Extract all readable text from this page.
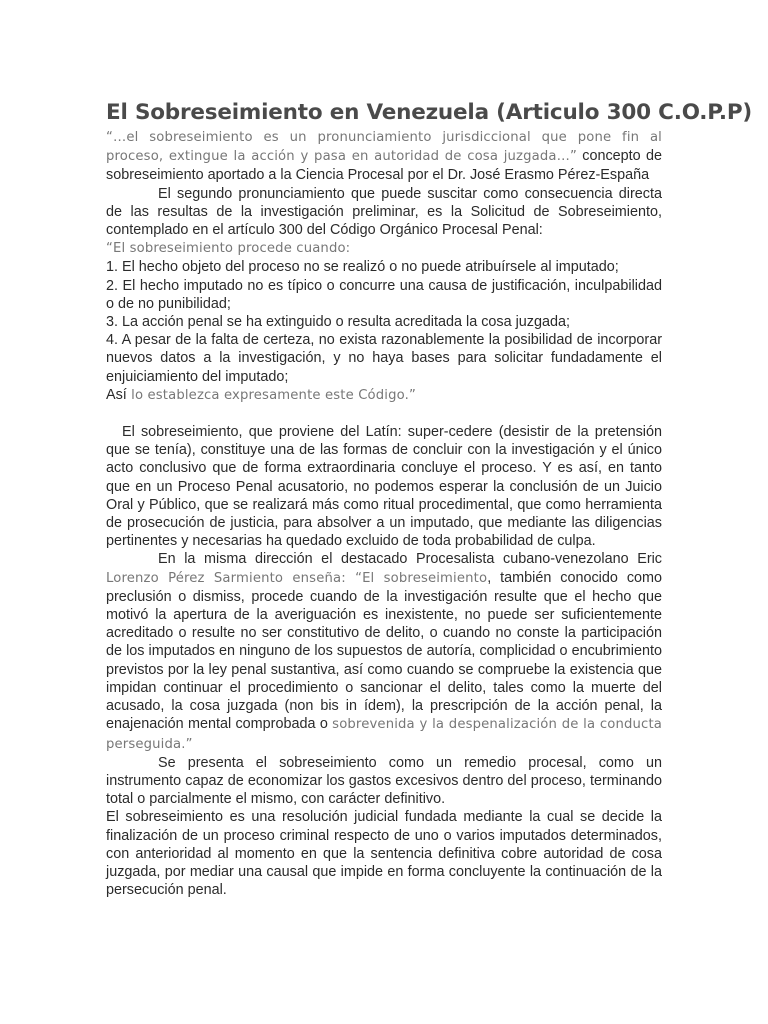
El Sobreseimiento en Venezuela (Articulo 300 C.O.P.P)

“…el sobreseimiento es un pronunciamiento jurisdiccional que pone fin al proceso, extingue la acción y pasa en autoridad de cosa juzgada…” concepto de sobreseimiento aportado a la Ciencia Procesal por el Dr. José Erasmo Pérez-España

El segundo pronunciamiento que puede suscitar como consecuencia directa de las resultas de la investigación preliminar, es la Solicitud de Sobreseimiento, contemplado en el artículo 300 del Código Orgánico Procesal Penal:

“El sobreseimiento procede cuando:

1. El hecho objeto del proceso no se realizó o no puede atribuírsele al imputado;

2. El hecho imputado no es típico o concurre una causa de justificación, inculpabilidad o de no punibilidad;

3. La acción penal se ha extinguido o resulta acreditada la cosa juzgada;

4. A pesar de la falta de certeza, no exista razonablemente la posibilidad de incorporar nuevos datos a la investigación, y no haya bases para solicitar fundadamente el enjuiciamiento del imputado;

Así lo establezca expresamente este Código.”

El sobreseimiento, que proviene del Latín: super-cedere (desistir de la pretensión que se tenía), constituye una de las formas de concluir con la investigación y el único acto conclusivo que de forma extraordinaria concluye el proceso. Y es así, en tanto que en un Proceso Penal acusatorio, no podemos esperar la conclusión de un Juicio Oral y Público, que se realizará más como ritual procedimental, que como herramienta de prosecución de justicia, para absolver a un imputado, que mediante las diligencias pertinentes y necesarias ha quedado excluido de toda probabilidad de culpa.

En la misma dirección el destacado Procesalista cubano-venezolano Eric Lorenzo Pérez Sarmiento enseña: “El sobreseimiento, también conocido como preclusión o dismiss, procede cuando de la investigación resulte que el hecho que motivó la apertura de la averiguación es inexistente, no puede ser suficientemente acreditado o resulte no ser constitutivo de delito, o cuando no conste la participación de los imputados en ninguno de los supuestos de autoría, complicidad o encubrimiento previstos por la ley penal sustantiva, así como cuando se compruebe la existencia que impidan continuar el procedimiento o sancionar el delito, tales como la muerte del acusado, la cosa juzgada (non bis in ídem), la prescripción de la acción penal, la enajenación mental comprobada o sobrevenida y la despenalización de la conducta perseguida.”

Se presenta el sobreseimiento como un remedio procesal, como un instrumento capaz de economizar los gastos excesivos dentro del proceso, terminando total o parcialmente el mismo, con carácter definitivo.

El sobreseimiento es una resolución judicial fundada mediante la cual se decide la finalización de un proceso criminal respecto de uno o varios imputados determinados, con anterioridad al momento en que la sentencia definitiva cobre autoridad de cosa juzgada, por mediar una causal que impide en forma concluyente la continuación de la persecución penal.
